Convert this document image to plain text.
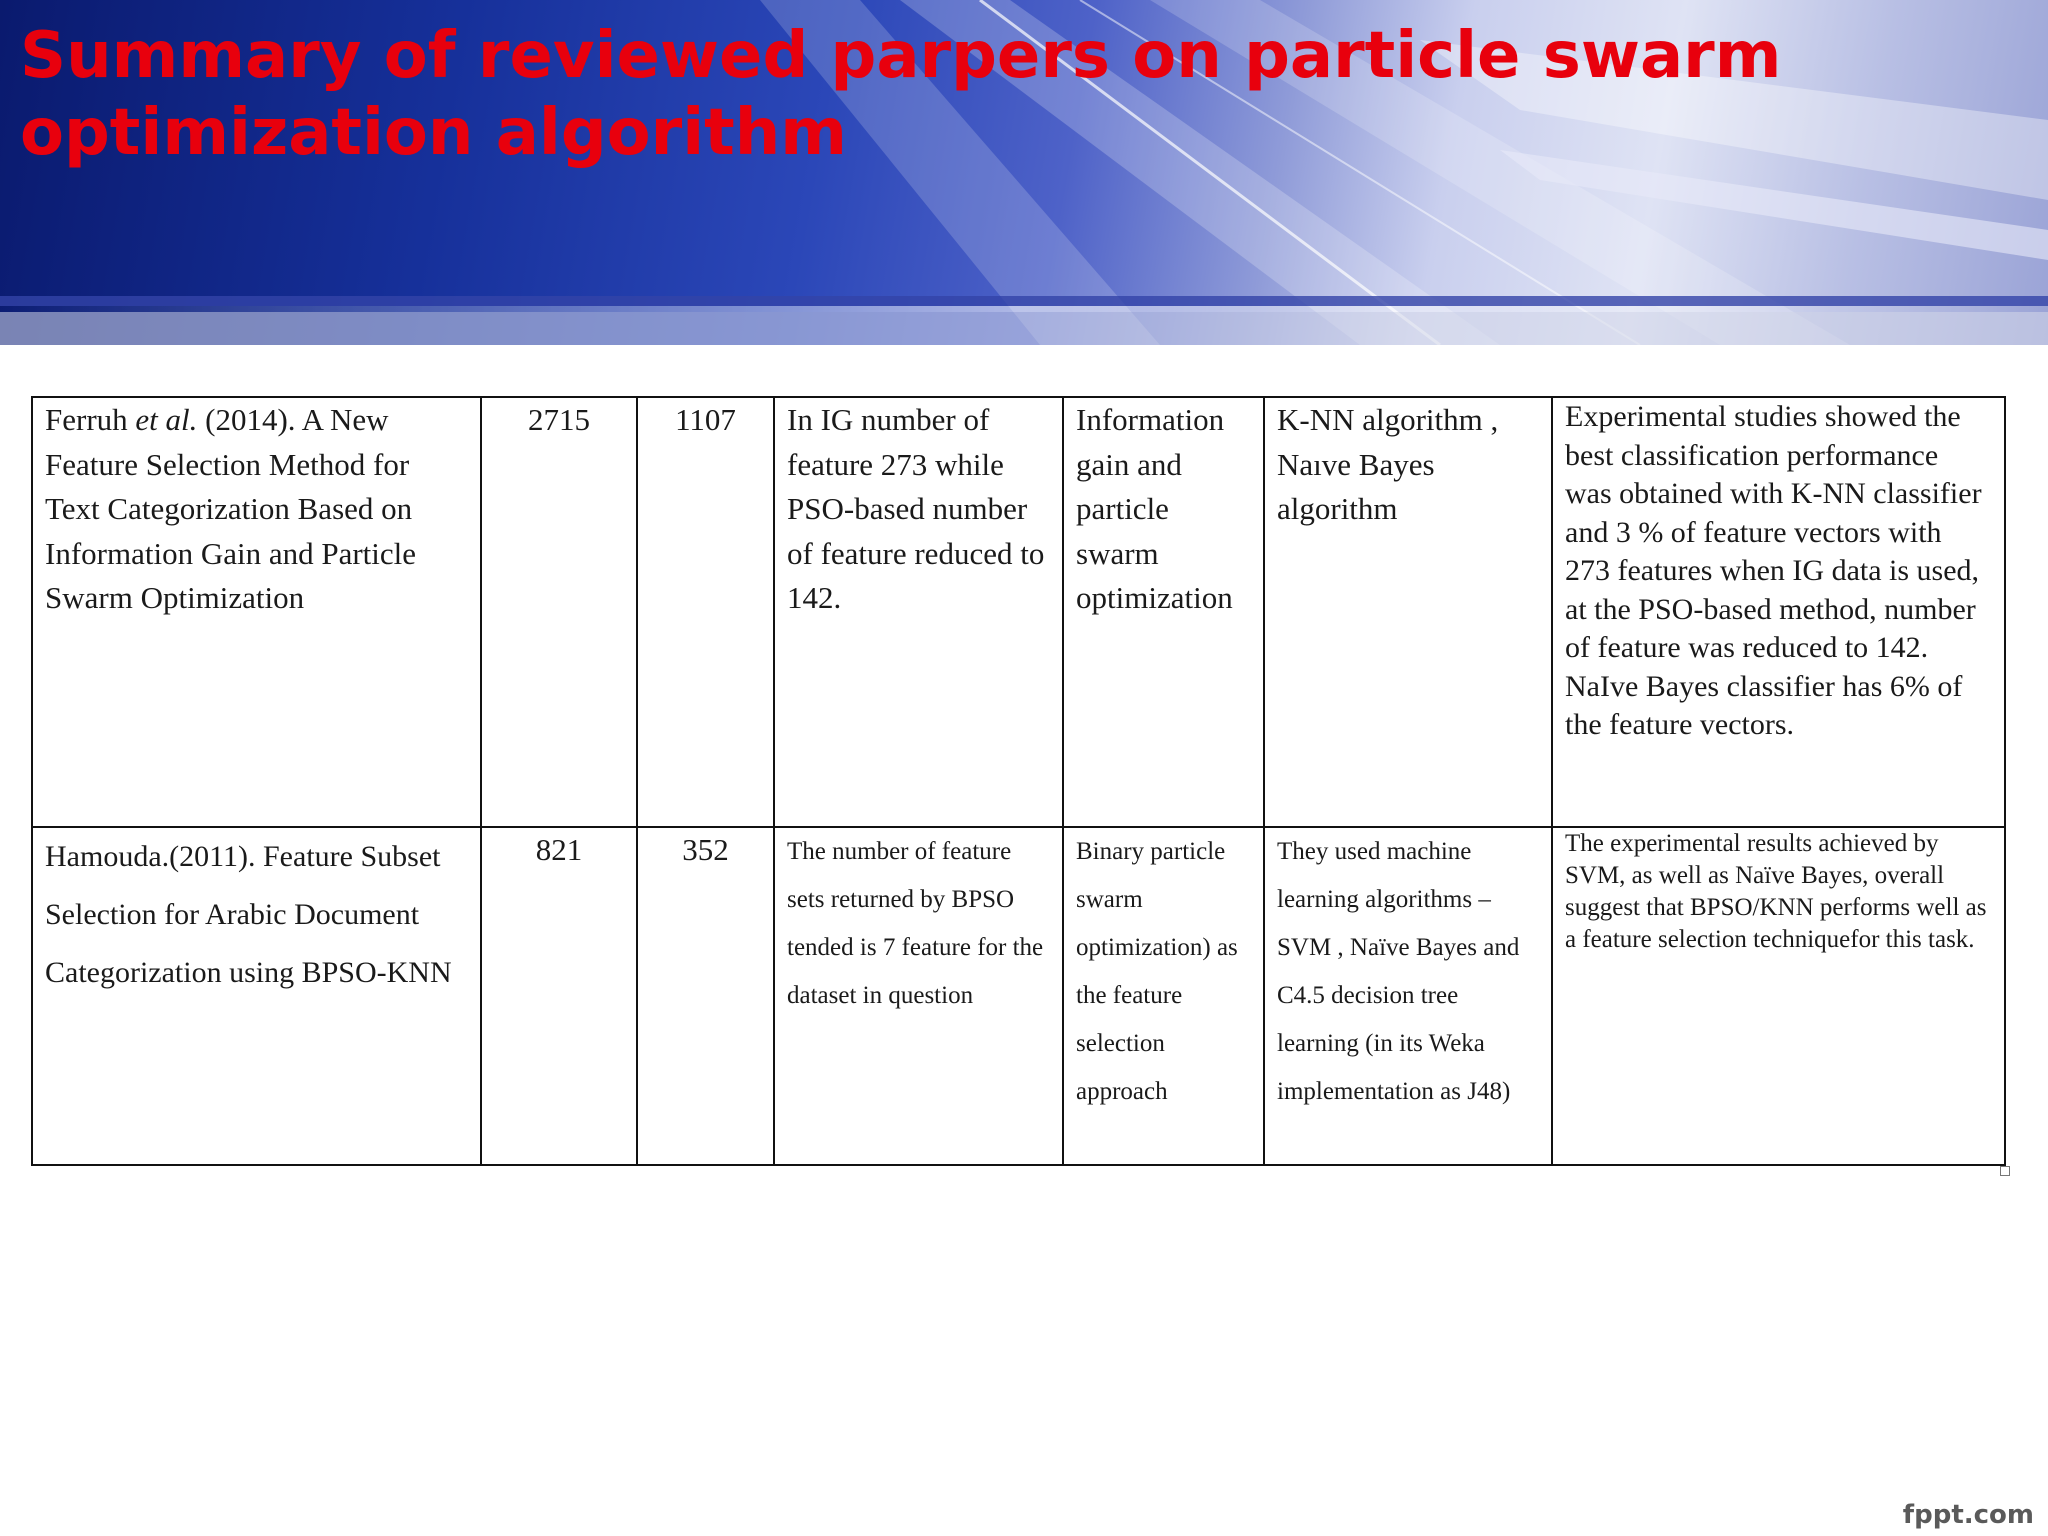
Summary of reviewed parpers on particle swarm optimization algorithm
Ferruh et al. (2014). A New Feature Selection Method for Text Categorization Based on Information Gain and Particle Swarm Optimization	2715	1107	In IG number of feature 273 while PSO-based number of feature reduced to 142.	Information gain and particle swarm optimization	K-NN algorithm , Naıve Bayes algorithm	Experimental studies showed the best classification performance was obtained with K-NN classifier and 3 % of feature vectors with 273 features when IG data is used, at the PSO-based method, number of feature was reduced to 142. NaIve Bayes classifier has 6% of the feature vectors.
Hamouda.(2011). Feature Subset Selection for Arabic Document Categorization using BPSO-KNN	821	352	The number of feature sets returned by BPSO tended is 7 feature for the dataset in question	Binary particle swarm optimization) as the feature selection approach	They used machine learning algorithms – SVM , Naïve Bayes and C4.5 decision tree learning (in its Weka implementation as J48)	The experimental results achieved by SVM, as well as Naïve Bayes, overall suggest that BPSO/KNN performs well as a feature selection techniquefor this task.
fppt.com
